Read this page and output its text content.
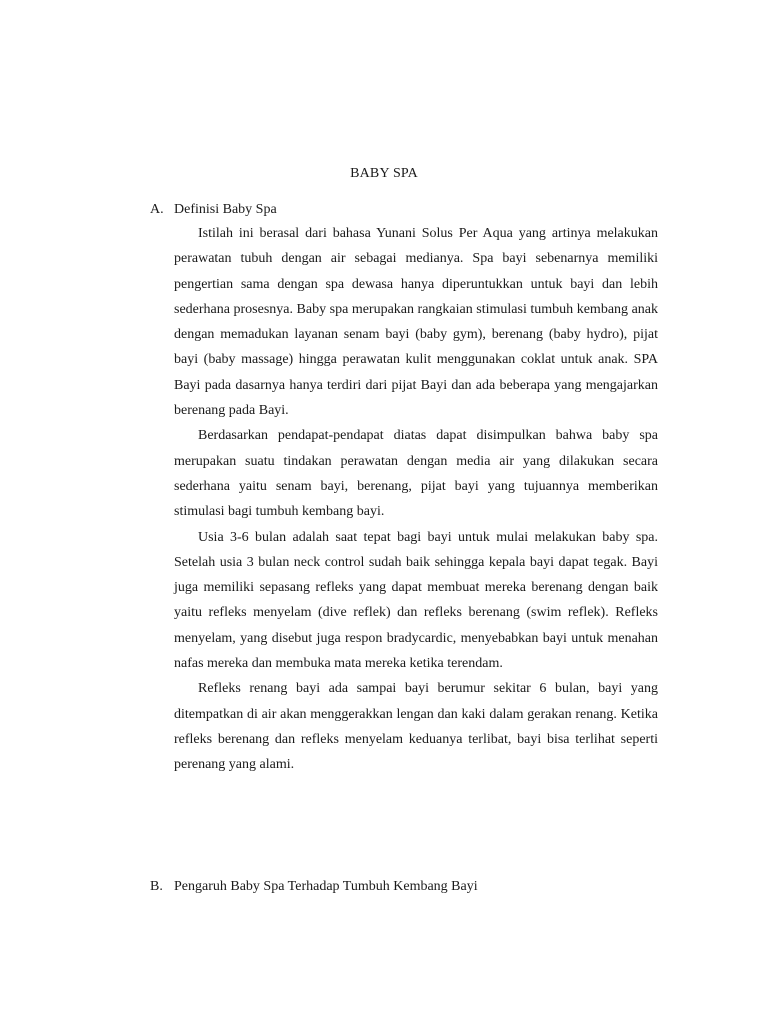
BABY SPA
A. Definisi Baby Spa

Istilah ini berasal dari bahasa Yunani Solus Per Aqua yang artinya melakukan perawatan tubuh dengan air sebagai medianya. Spa bayi sebenarnya memiliki pengertian sama dengan spa dewasa hanya diperuntukkan untuk bayi dan lebih sederhana prosesnya. Baby spa merupakan rangkaian stimulasi tumbuh kembang anak dengan memadukan layanan senam bayi (baby gym), berenang (baby hydro), pijat bayi (baby massage) hingga perawatan kulit menggunakan coklat untuk anak. SPA Bayi pada dasarnya hanya terdiri dari pijat Bayi dan ada beberapa yang mengajarkan berenang pada Bayi.

Berdasarkan pendapat-pendapat diatas dapat disimpulkan bahwa baby spa merupakan suatu tindakan perawatan dengan media air yang dilakukan secara sederhana yaitu senam bayi, berenang, pijat bayi yang tujuannya memberikan stimulasi bagi tumbuh kembang bayi.

Usia 3-6 bulan adalah saat tepat bagi bayi untuk mulai melakukan baby spa. Setelah usia 3 bulan neck control sudah baik sehingga kepala bayi dapat tegak. Bayi juga memiliki sepasang refleks yang dapat membuat mereka berenang dengan baik yaitu refleks menyelam (dive reflek) dan refleks berenang (swim reflek). Refleks menyelam, yang disebut juga respon bradycardic, menyebabkan bayi untuk menahan nafas mereka dan membuka mata mereka ketika terendam.

Refleks renang bayi ada sampai bayi berumur sekitar 6 bulan, bayi yang ditempatkan di air akan menggerakkan lengan dan kaki dalam gerakan renang. Ketika refleks berenang dan refleks menyelam keduanya terlibat, bayi bisa terlihat seperti perenang yang alami.

B. Pengaruh Baby Spa Terhadap Tumbuh Kembang Bayi
